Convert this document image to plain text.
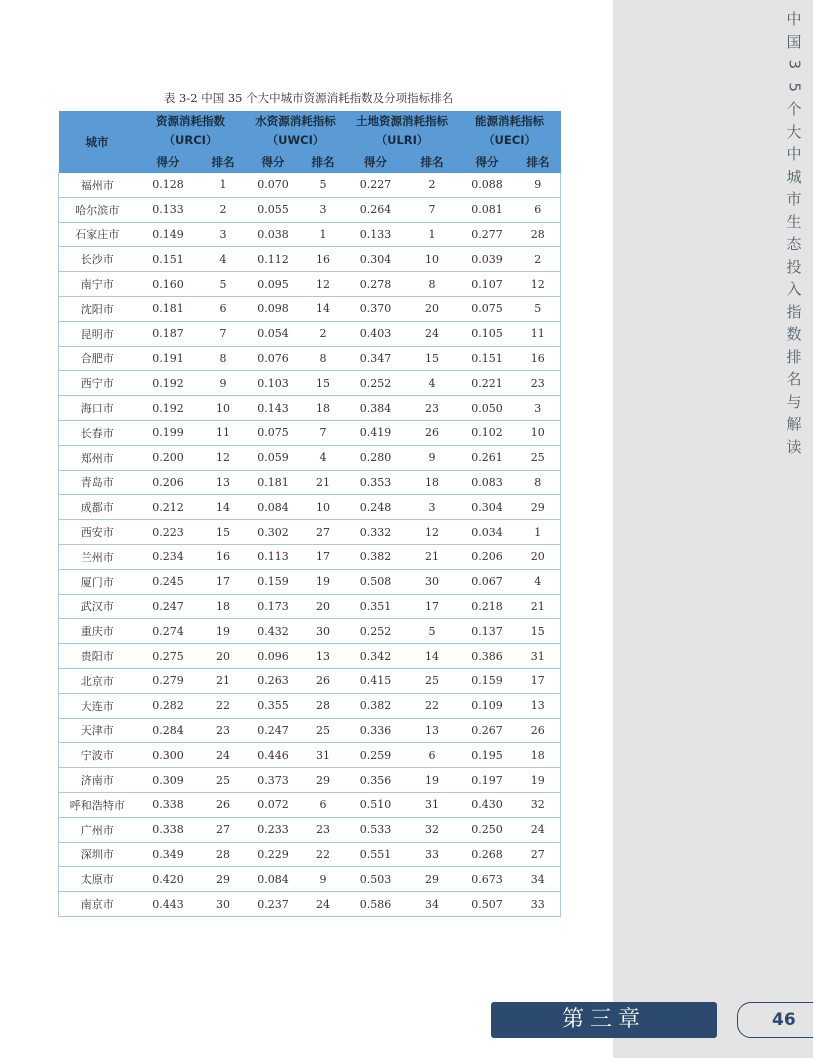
中
国
3
5
个
大
中
城
市
生
态
投
入
指
数
排
名
与
解
读
表 3-2 中国 35 个大中城市资源消耗指数及分项指标排名
城市	资源消耗指数（URCI）		水资源消耗指标（UWCI）		土地资源消耗指标（ULRI）		能源消耗指标（UECI）	
	得分	排名	得分	排名	得分	排名	得分	排名
福州市	0.128	1	0.070	5	0.227	2	0.088	9
哈尔滨市	0.133	2	0.055	3	0.264	7	0.081	6
石家庄市	0.149	3	0.038	1	0.133	1	0.277	28
长沙市	0.151	4	0.112	16	0.304	10	0.039	2
南宁市	0.160	5	0.095	12	0.278	8	0.107	12
沈阳市	0.181	6	0.098	14	0.370	20	0.075	5
昆明市	0.187	7	0.054	2	0.403	24	0.105	11
合肥市	0.191	8	0.076	8	0.347	15	0.151	16
西宁市	0.192	9	0.103	15	0.252	4	0.221	23
海口市	0.192	10	0.143	18	0.384	23	0.050	3
长春市	0.199	11	0.075	7	0.419	26	0.102	10
郑州市	0.200	12	0.059	4	0.280	9	0.261	25
青岛市	0.206	13	0.181	21	0.353	18	0.083	8
成都市	0.212	14	0.084	10	0.248	3	0.304	29
西安市	0.223	15	0.302	27	0.332	12	0.034	1
兰州市	0.234	16	0.113	17	0.382	21	0.206	20
厦门市	0.245	17	0.159	19	0.508	30	0.067	4
武汉市	0.247	18	0.173	20	0.351	17	0.218	21
重庆市	0.274	19	0.432	30	0.252	5	0.137	15
贵阳市	0.275	20	0.096	13	0.342	14	0.386	31
北京市	0.279	21	0.263	26	0.415	25	0.159	17
大连市	0.282	22	0.355	28	0.382	22	0.109	13
天津市	0.284	23	0.247	25	0.336	13	0.267	26
宁波市	0.300	24	0.446	31	0.259	6	0.195	18
济南市	0.309	25	0.373	29	0.356	19	0.197	19
呼和浩特市	0.338	26	0.072	6	0.510	31	0.430	32
广州市	0.338	27	0.233	23	0.533	32	0.250	24
深圳市	0.349	28	0.229	22	0.551	33	0.268	27
太原市	0.420	29	0.084	9	0.503	29	0.673	34
南京市	0.443	30	0.237	24	0.586	34	0.507	33
第三章	46
